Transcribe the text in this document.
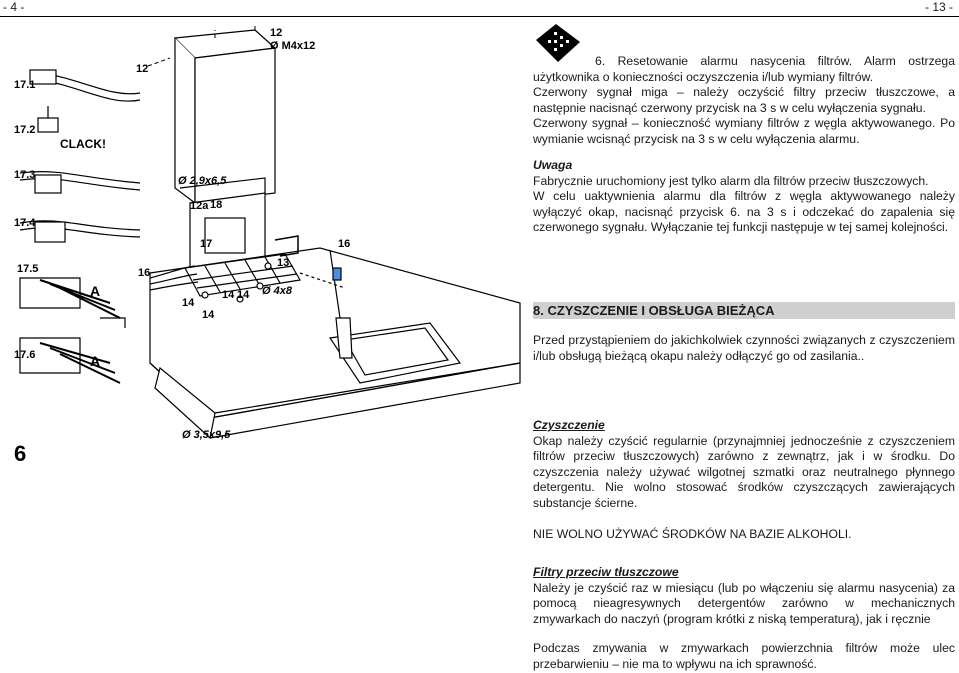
- 4 -	- 13 -
12
Ø M4x12
12
17.1
17.2
CLACK!
17.3
17.4
17.5
A
17.6	A
Ø 2,9x6,5
12a 18
17
13
16
16
14
14 14
14
Ø 4x8
Ø 3,5x9,5
6

6. Resetowanie alarmu nasycenia filtrów. Alarm ostrzega użytkownika o konieczności oczyszczenia i/lub wymiany filtrów.

Czerwony sygnał miga – należy oczyścić filtry przeciw tłuszczowe, a następnie nacisnąć czerwony przycisk na 3 s w celu wyłączenia sygnału.

Czerwony sygnał – konieczność wymiany filtrów z węgla aktywowanego. Po wymianie wcisnąć przycisk na 3 s w celu wyłączenia alarmu.

Uwaga

Fabrycznie uruchomiony jest tylko alarm dla filtrów przeciw tłuszczowych.

W celu uaktywnienia alarmu dla filtrów z węgla aktywowanego należy wyłączyć okap, nacisnąć przycisk 6. na 3 s i odczekać do zapalenia się czerwonego sygnału. Wyłączanie tej funkcji następuje w tej samej kolejności.

8. CZYSZCZENIE I OBSŁUGA BIEŻĄCA

Przed przystąpieniem do jakichkolwiek czynności związanych z czyszczeniem i/lub obsługą bieżącą okapu należy odłączyć go od zasilania..

Czyszczenie

Okap należy czyścić regularnie (przynajmniej jednocześnie z czyszczeniem filtrów przeciw tłuszczowych) zarówno z zewnątrz, jak i w środku. Do czyszczenia należy używać wilgotnej szmatki oraz neutralnego płynnego detergentu. Nie wolno stosować środków czyszczących zawierających substancje ścierne.

NIE WOLNO UŻYWAĆ ŚRODKÓW NA BAZIE ALKOHOLI.

Filtry przeciw tłuszczowe

Należy je czyścić raz w miesiącu (lub po włączeniu się alarmu nasycenia) za pomocą nieagresywnych detergentów zarówno w mechanicznych zmywarkach do naczyń (program krótki z niską temperaturą), jak i ręcznie

Podczas zmywania w zmywarkach powierzchnia filtrów może ulec przebarwieniu – nie ma to wpływu na ich sprawność.
